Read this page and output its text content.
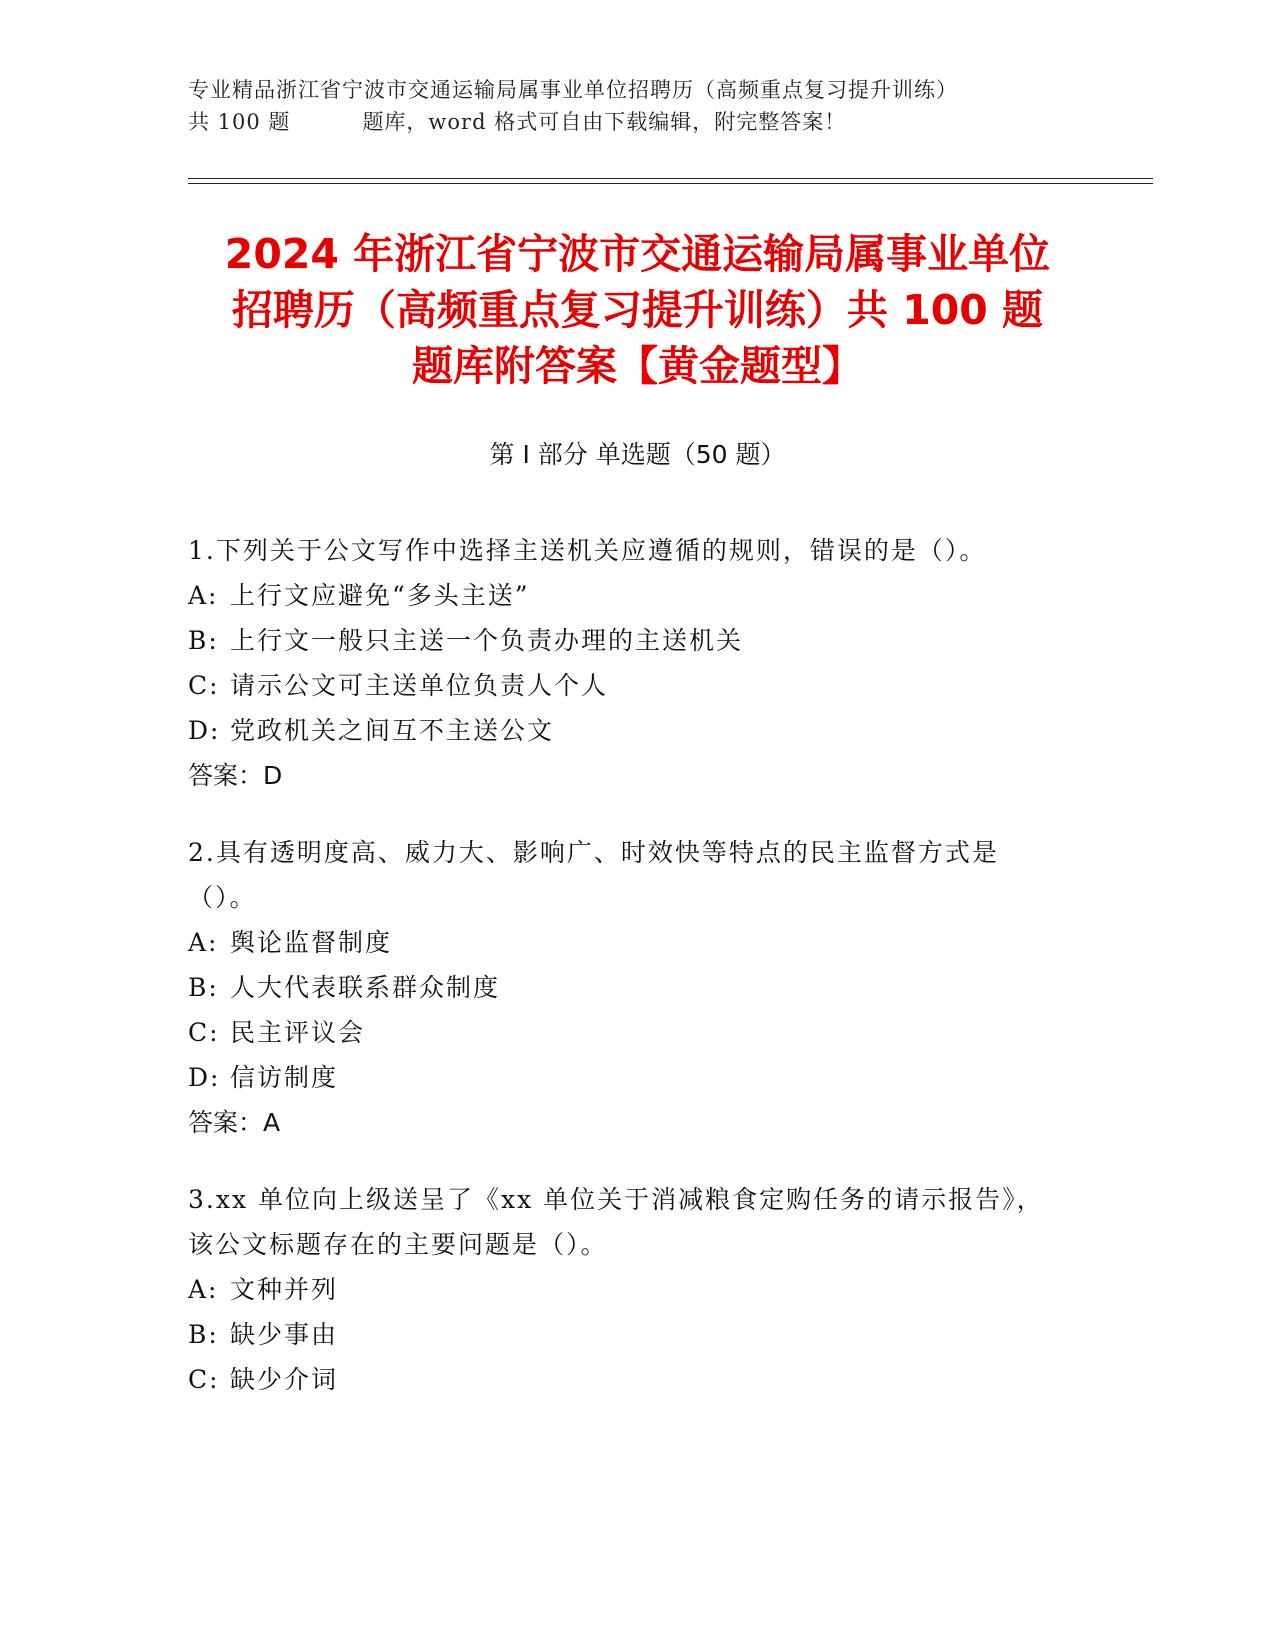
专业精品浙江省宁波市交通运输局属事业单位招聘历（高频重点复习提升训练）
共 100 题	题库，word 格式可自由下载编辑，附完整答案！
2024 年浙江省宁波市交通运输局属事业单位
招聘历（高频重点复习提升训练）共 100 题
题库附答案【黄金题型】
第 I 部分 单选题（50 题）
1.下列关于公文写作中选择主送机关应遵循的规则，错误的是（）。
A: 上行文应避免“多头主送”
B: 上行文一般只主送一个负责办理的主送机关
C: 请示公文可主送单位负责人个人
D: 党政机关之间互不主送公文
答案：D
2.具有透明度高、威力大、影响广、时效快等特点的民主监督方式是（）。
A: 舆论监督制度
B: 人大代表联系群众制度
C: 民主评议会
D: 信访制度
答案：A
3.xx 单位向上级送呈了《xx 单位关于消减粮食定购任务的请示报告》，该公文标题存在的主要问题是（）。
A: 文种并列
B: 缺少事由
C: 缺少介词
